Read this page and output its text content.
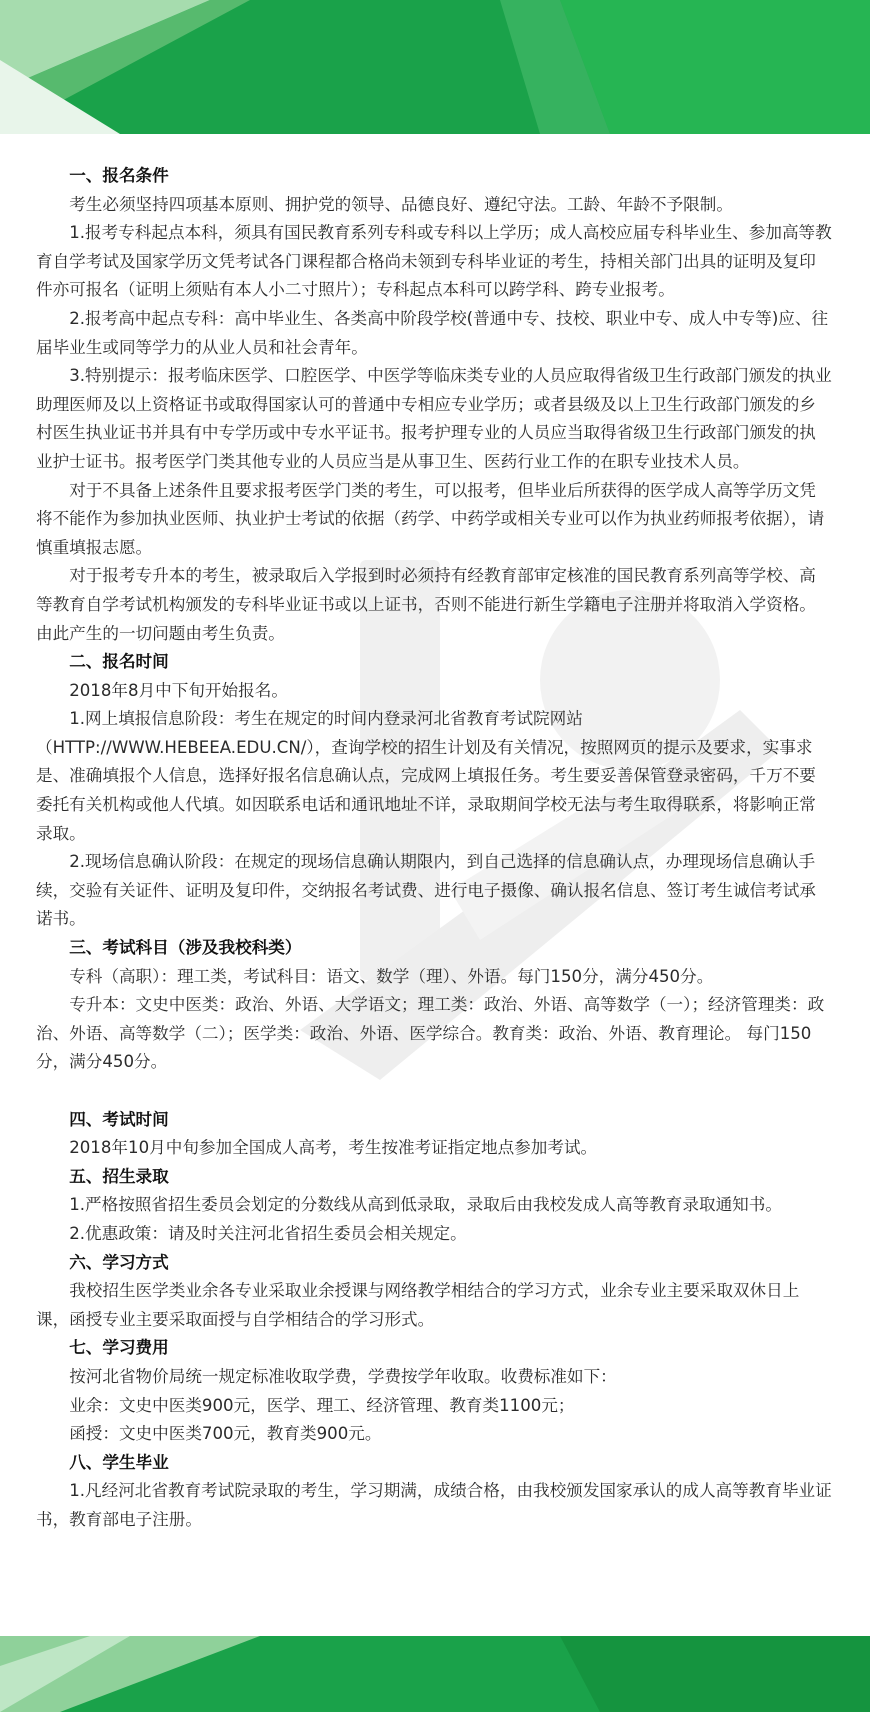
一、报名条件

考生必须坚持四项基本原则、拥护党的领导、品德良好、遵纪守法。工龄、年龄不予限制。

1.报考专科起点本科，须具有国民教育系列专科或专科以上学历；成人高校应届专科毕业生、参加高等教育自学考试及国家学历文凭考试各门课程都合格尚未领到专科毕业证的考生，持相关部门出具的证明及复印件亦可报名（证明上须贴有本人小二寸照片）；专科起点本科可以跨学科、跨专业报考。

2.报考高中起点专科：高中毕业生、各类高中阶段学校(普通中专、技校、职业中专、成人中专等)应、往届毕业生或同等学力的从业人员和社会青年。

3.特别提示：报考临床医学、口腔医学、中医学等临床类专业的人员应取得省级卫生行政部门颁发的执业助理医师及以上资格证书或取得国家认可的普通中专相应专业学历；或者县级及以上卫生行政部门颁发的乡村医生执业证书并具有中专学历或中专水平证书。报考护理专业的人员应当取得省级卫生行政部门颁发的执业护士证书。报考医学门类其他专业的人员应当是从事卫生、医药行业工作的在职专业技术人员。

对于不具备上述条件且要求报考医学门类的考生，可以报考，但毕业后所获得的医学成人高等学历文凭将不能作为参加执业医师、执业护士考试的依据（药学、中药学或相关专业可以作为执业药师报考依据），请慎重填报志愿。

对于报考专升本的考生，被录取后入学报到时必须持有经教育部审定核准的国民教育系列高等学校、高等教育自学考试机构颁发的专科毕业证书或以上证书，否则不能进行新生学籍电子注册并将取消入学资格。由此产生的一切问题由考生负责。

二、报名时间

2018年8月中下旬开始报名。

1.网上填报信息阶段：考生在规定的时间内登录河北省教育考试院网站（HTTP://WWW.HEBEEA.EDU.CN/），查询学校的招生计划及有关情况，按照网页的提示及要求，实事求是、准确填报个人信息，选择好报名信息确认点，完成网上填报任务。考生要妥善保管登录密码，千万不要委托有关机构或他人代填。如因联系电话和通讯地址不详，录取期间学校无法与考生取得联系，将影响正常录取。

2.现场信息确认阶段：在规定的现场信息确认期限内，到自己选择的信息确认点，办理现场信息确认手续，交验有关证件、证明及复印件，交纳报名考试费、进行电子摄像、确认报名信息、签订考生诚信考试承诺书。

三、考试科目（涉及我校科类）

专科（高职）：理工类，考试科目：语文、数学（理）、外语。每门150分，满分450分。

专升本：文史中医类：政治、外语、大学语文；理工类：政治、外语、高等数学（一）；经济管理类：政治、外语、高等数学（二）；医学类：政治、外语、医学综合。教育类：政治、外语、教育理论。 每门150分，满分450分。

四、考试时间

2018年10月中旬参加全国成人高考，考生按准考证指定地点参加考试。

五、招生录取

1.严格按照省招生委员会划定的分数线从高到低录取，录取后由我校发成人高等教育录取通知书。

2.优惠政策：请及时关注河北省招生委员会相关规定。

六、学习方式

我校招生医学类业余各专业采取业余授课与网络教学相结合的学习方式，业余专业主要采取双休日上课，函授专业主要采取面授与自学相结合的学习形式。

七、学习费用

按河北省物价局统一规定标准收取学费，学费按学年收取。收费标准如下：

业余：文史中医类900元，医学、理工、经济管理、教育类1100元；

函授：文史中医类700元，教育类900元。

八、学生毕业

1.凡经河北省教育考试院录取的考生，学习期满，成绩合格，由我校颁发国家承认的成人高等教育毕业证书，教育部电子注册。
